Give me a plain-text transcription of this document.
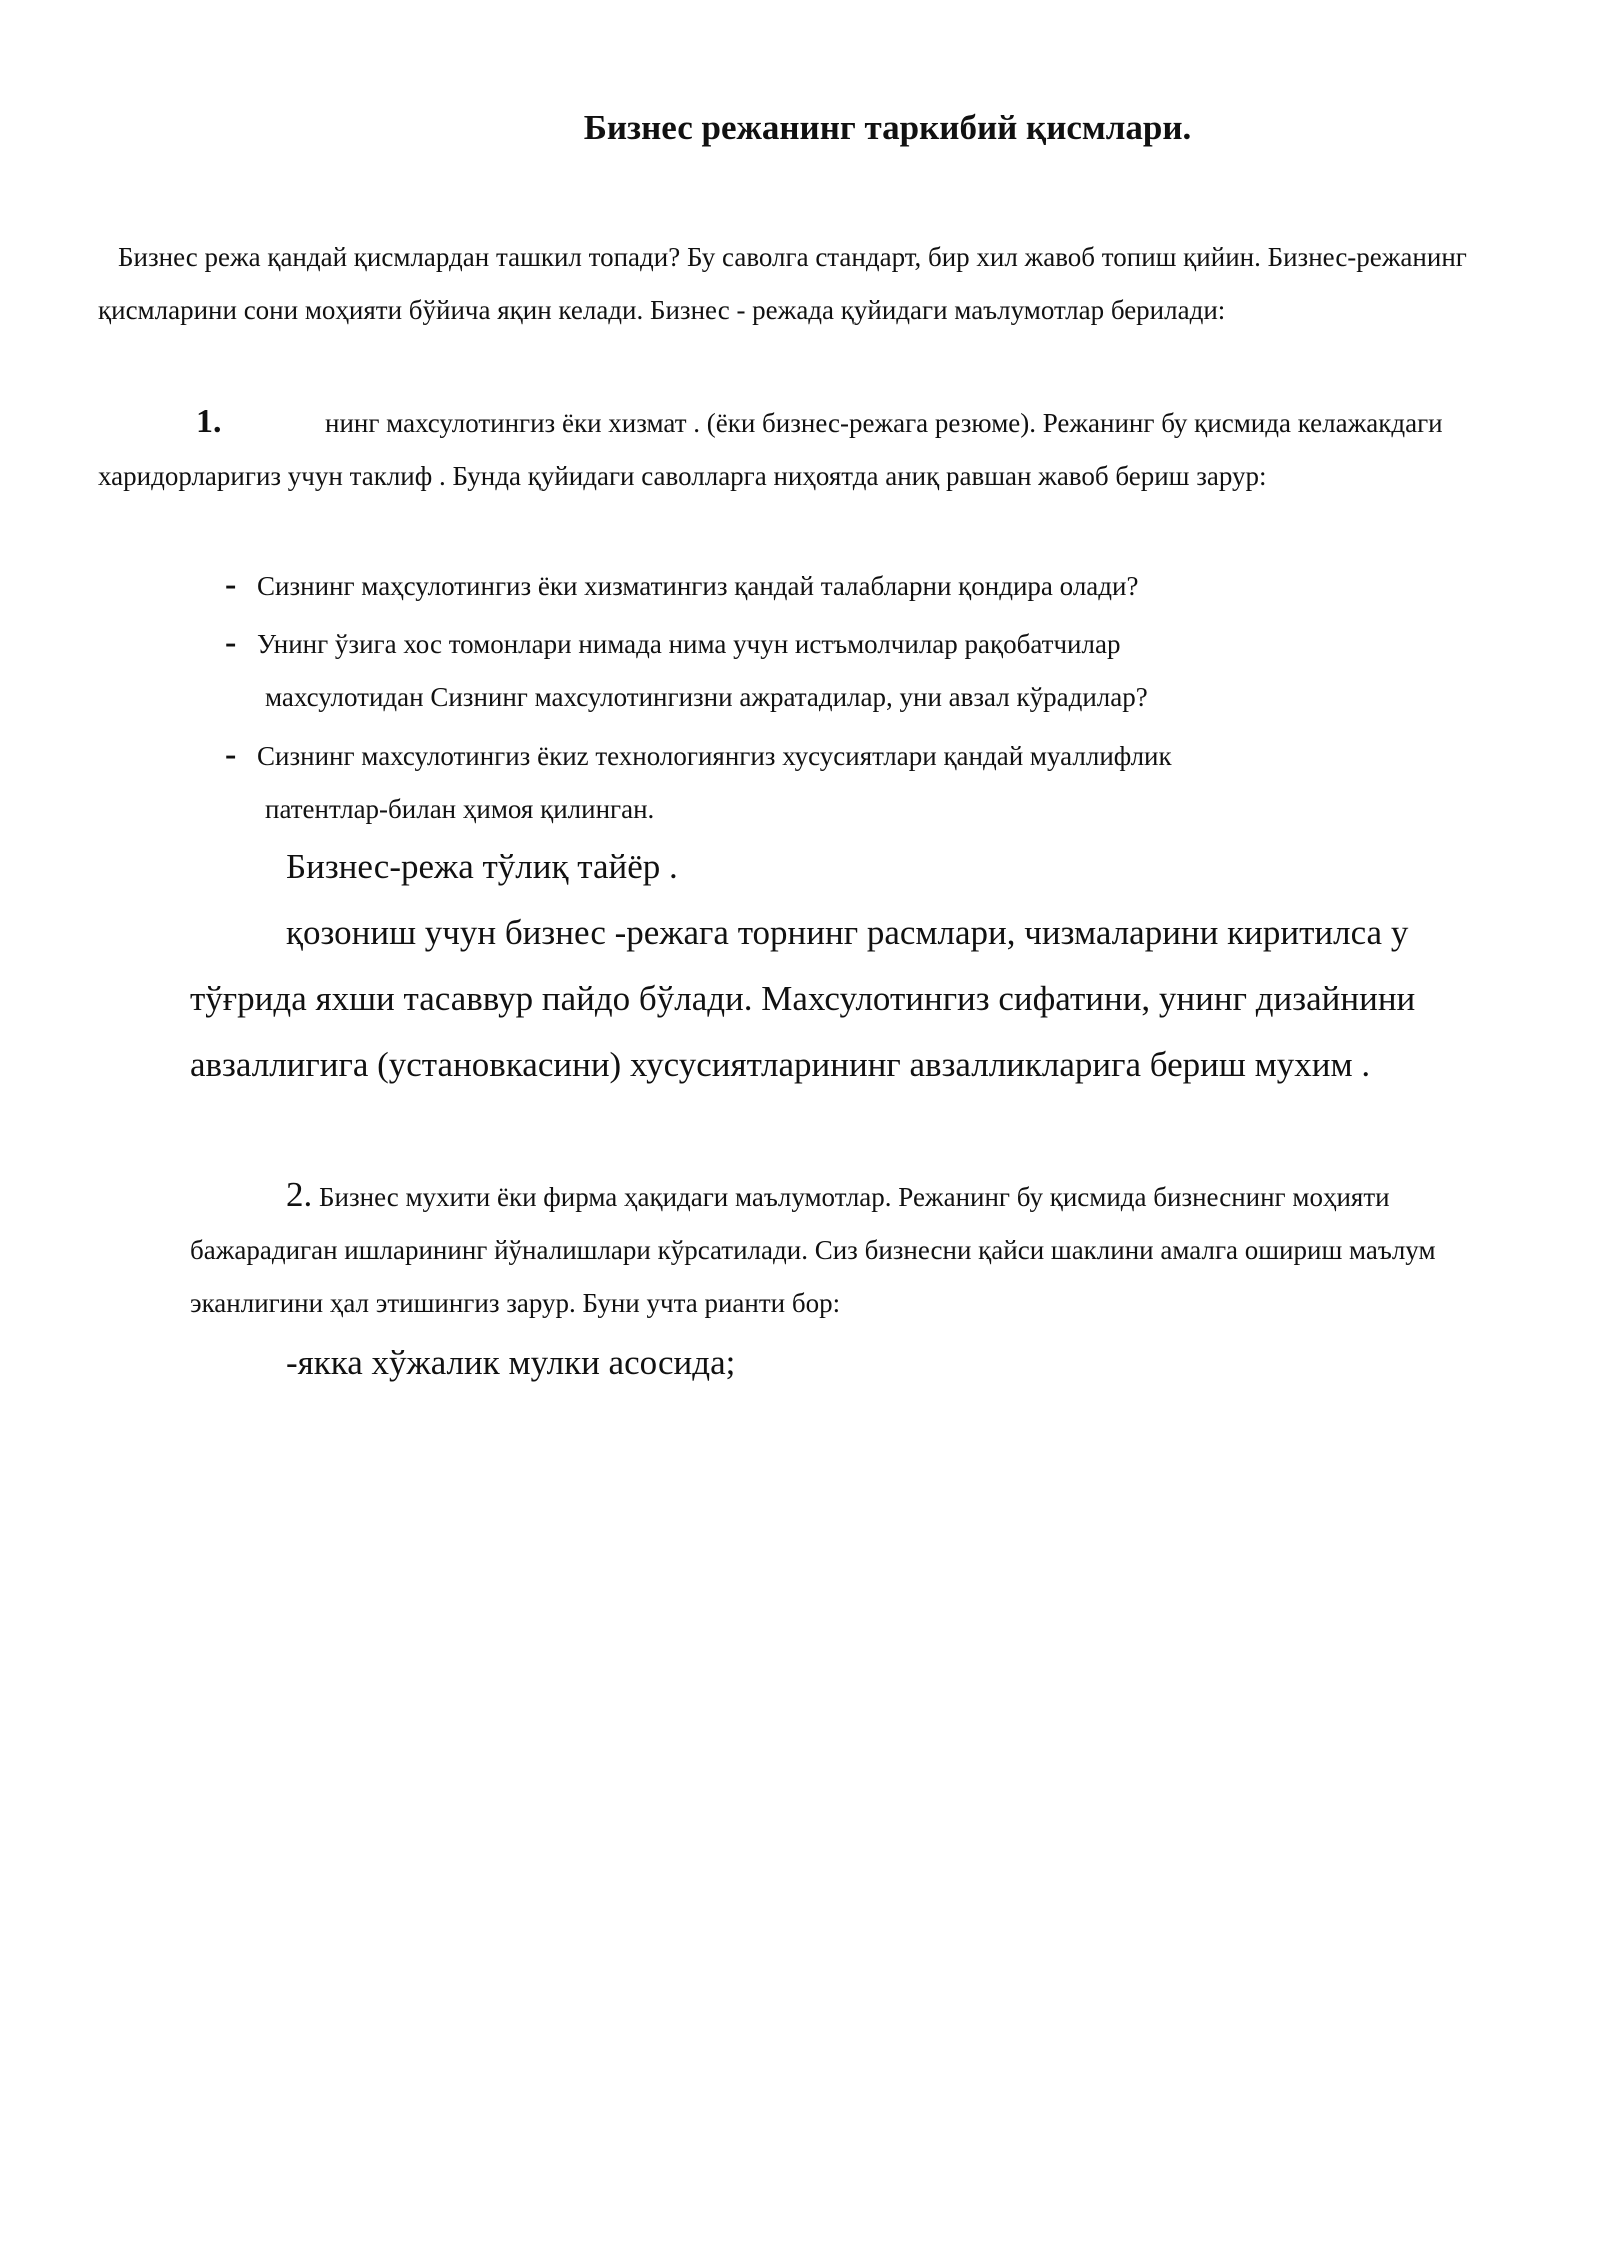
Бизнес режанинг таркибий қисмлари.
Бизнес режа қандай қисмлардан ташкил топади? Бу саволга стандарт, бир хил жавоб топиш қийин. Бизнес-режанинг қисмларини сони моҳияти бўйича яқин келади. Бизнес - режада қуйидаги маълумотлар берилади:
1.	нинг махсулотингиз ёки хизмат . (ёки бизнес-режага резюме). Режанинг бу қисмида келажакдаги харидорларигиз учун таклиф . Бунда қуйидаги саволларга ниҳоятда аниқ равшан жавоб бериш зарур:
- Сизнинг маҳсулотингиз ёки хизматингиз қандай талабларни қондира олади?
- Унинг ўзига хос томонлари нимада нима учун истъмолчилар рақобатчилар
махсулотидан Сизнинг махсулотингизни ажратадилар, уни авзал кўрадилар?
- Сизнинг махсулотингиз ёкиz технологиянгиз хусусиятлари қандай муаллифлик
патентлар-билан ҳимоя қилинган.
Бизнес-режа тўлиқ тайёр .
қозониш учун бизнес -режага торнинг расмлари, чизмаларини киритилса у тўғрида яхши тасаввур пайдо бўлади. Махсулотингиз сифатини, унинг дизайнини авзаллигига (установкасини) хусусиятларининг авзалликларига бериш мухим .
2. Бизнес мухити ёки фирма ҳақидаги маълумотлар. Режанинг бу қисмида бизнеснинг моҳияти бажарадиган ишларининг йўналишлари кўрсатилади. Сиз бизнесни қайси шаклини амалга ошириш маълум эканлигини ҳал этишингиз зарур. Буни учта рианти бор:
-якка хўжалик мулки асосида;
